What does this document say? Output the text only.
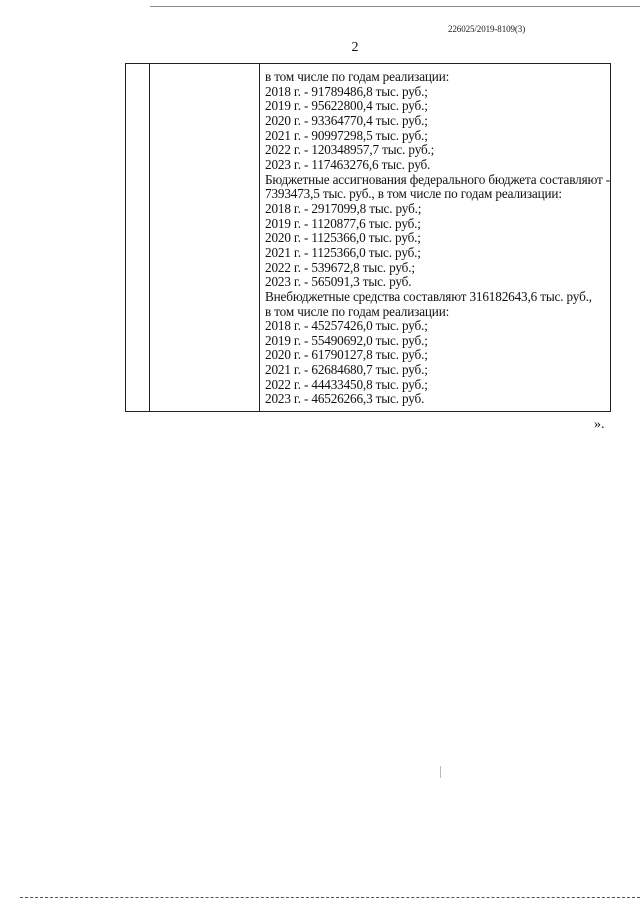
226025/2019-8109(3)
2

в том числе по годам реализации:
2018 г. - 91789486,8 тыс. руб.;
2019 г. - 95622800,4 тыс. руб.;
2020 г. - 93364770,4 тыс. руб.;
2021 г. - 90997298,5 тыс. руб.;
2022 г. - 120348957,7 тыс. руб.;
2023 г. - 117463276,6 тыс. руб.
Бюджетные ассигнования федерального бюджета составляют -
7393473,5 тыс. руб., в том числе по годам реализации:
2018 г. - 2917099,8 тыс. руб.;
2019 г. - 1120877,6 тыс. руб.;
2020 г. - 1125366,0 тыс. руб.;
2021 г. - 1125366,0 тыс. руб.;
2022 г. - 539672,8 тыс. руб.;
2023 г. - 565091,3 тыс. руб.
Внебюджетные средства составляют 316182643,6 тыс. руб.,
в том числе по годам реализации:
2018 г. - 45257426,0 тыс. руб.;
2019 г. - 55490692,0 тыс. руб.;
2020 г. - 61790127,8 тыс. руб.;
2021 г. - 62684680,7 тыс. руб.;
2022 г. - 44433450,8 тыс. руб.;
2023 г. - 46526266,3 тыс. руб.
».
